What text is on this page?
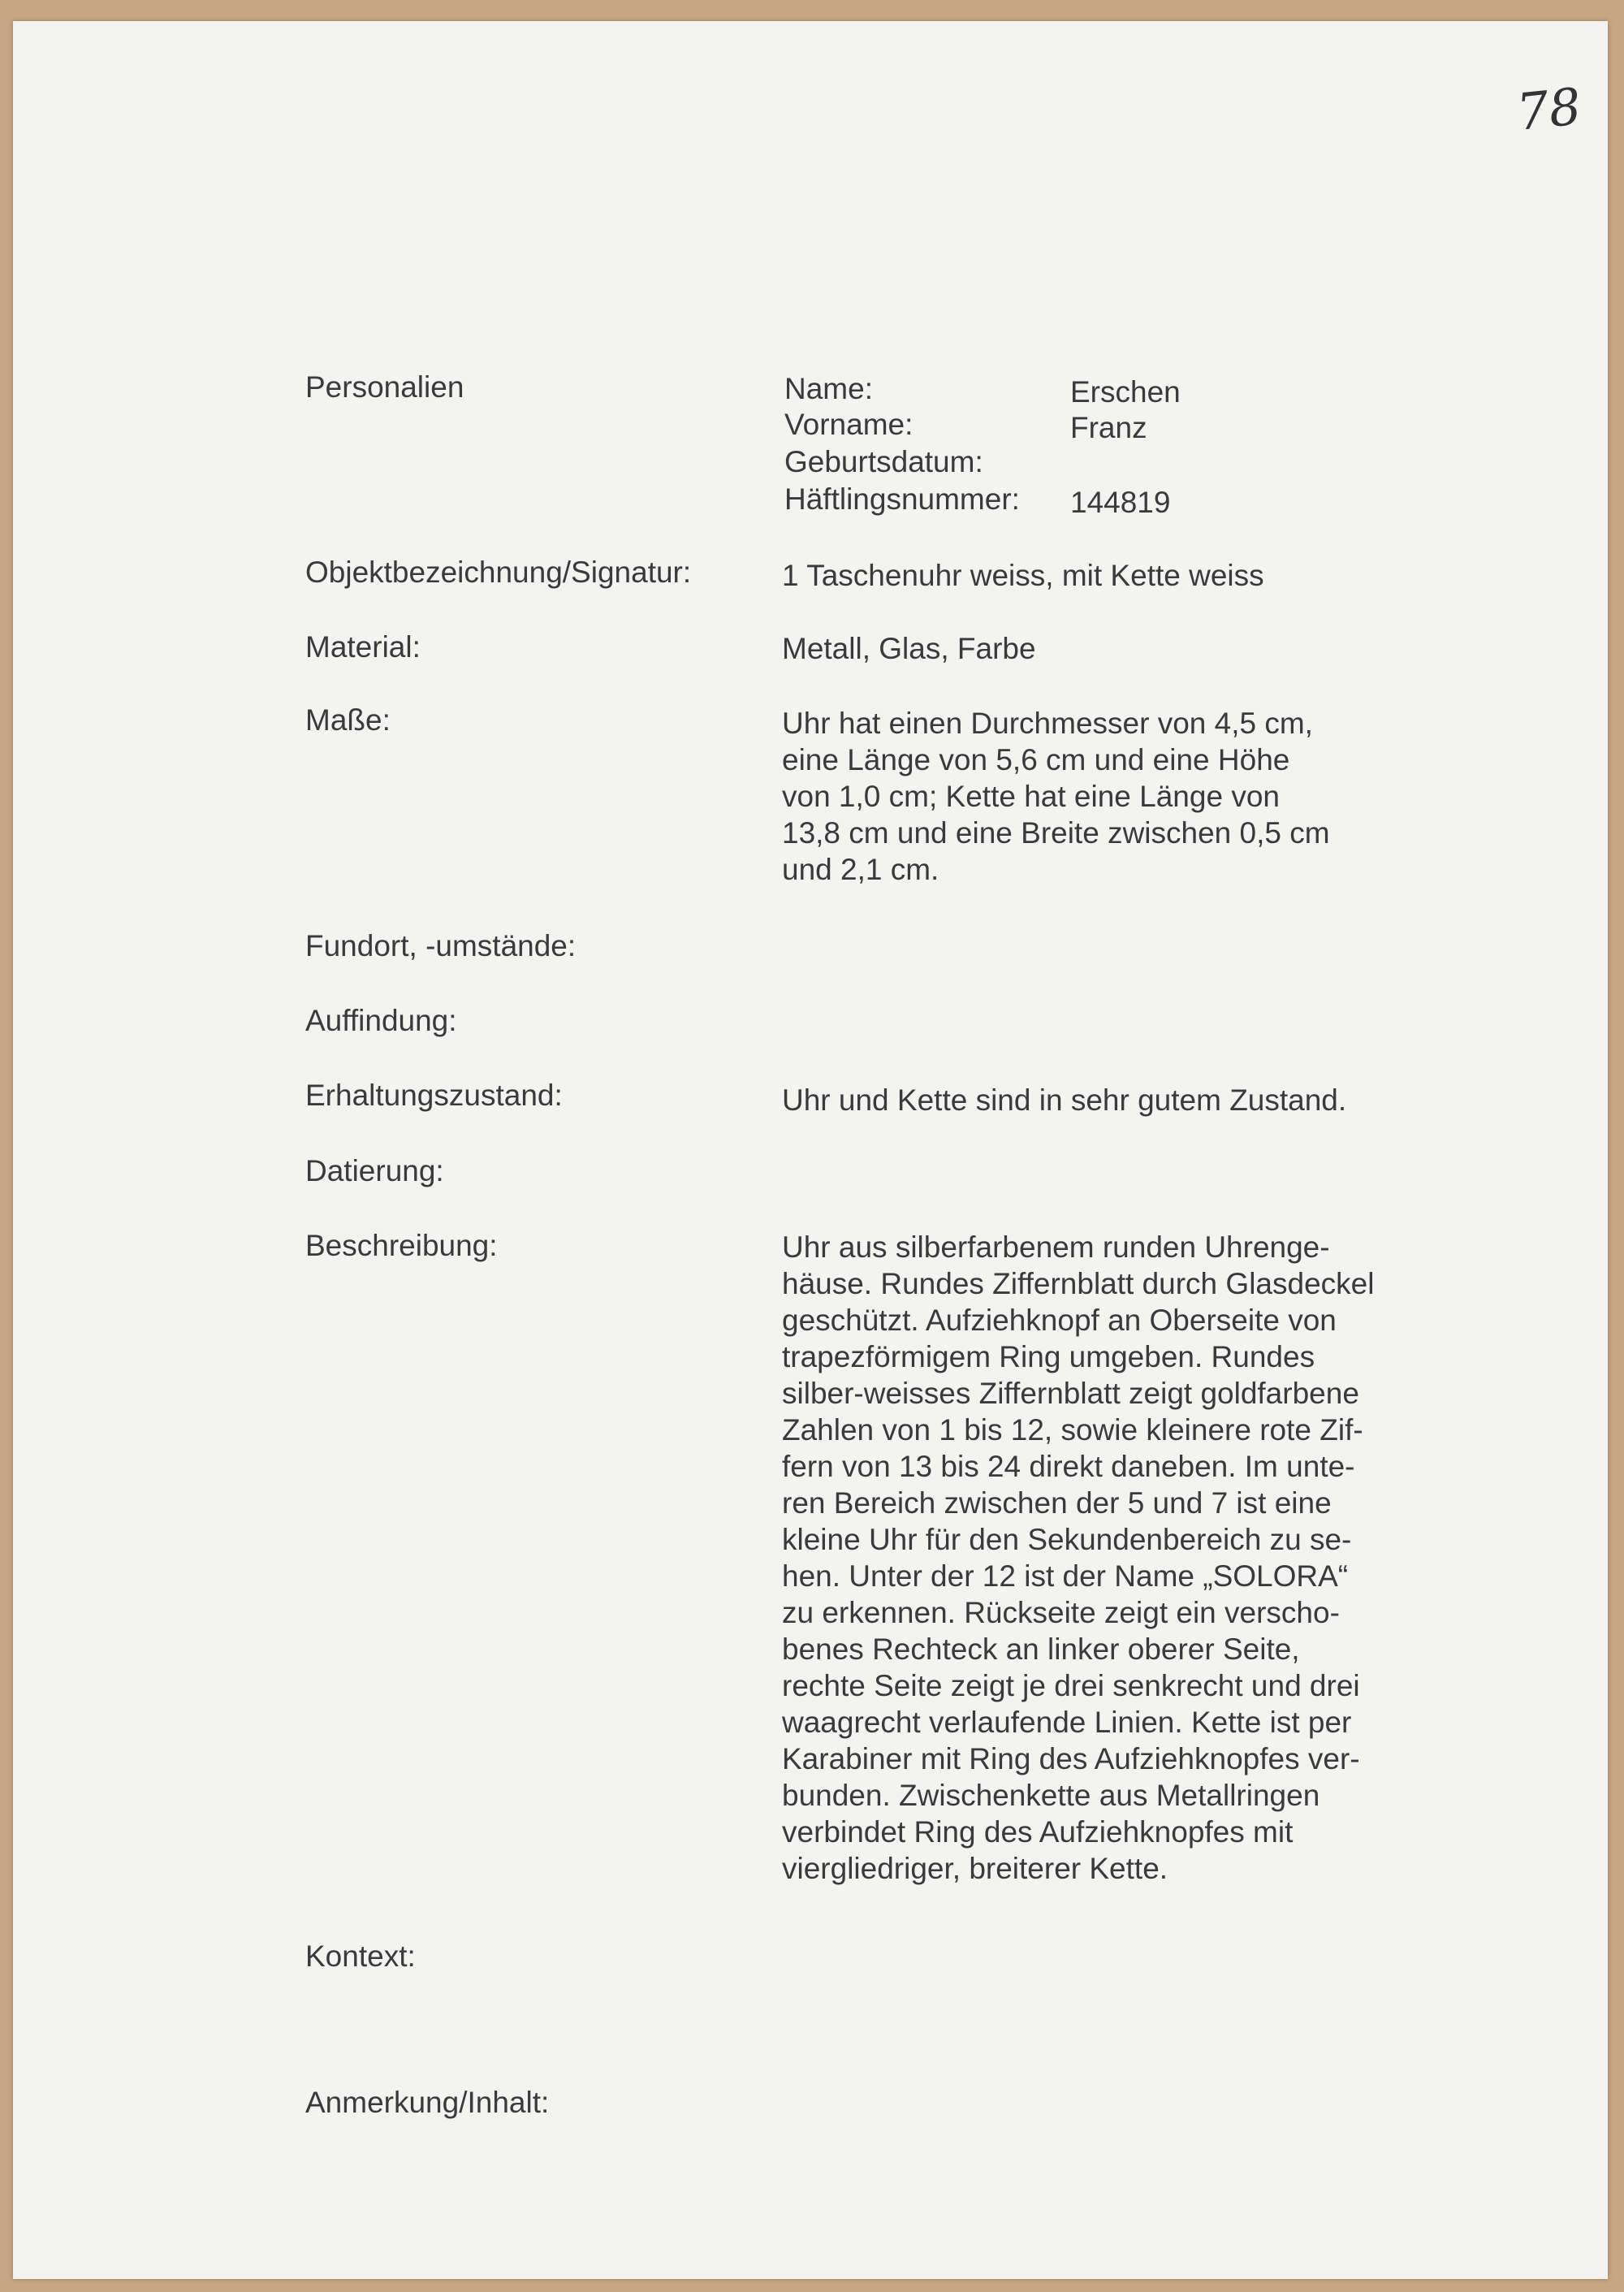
78
Personalien	Name:	Erschen
Vorname:	Franz
Geburtsdatum:
Häftlingsnummer: 144819
Objektbezeichnung/Signatur:	1 Taschenuhr weiss, mit Kette weiss
Material:	Metall, Glas, Farbe
Maße:	Uhr hat einen Durchmesser von 4,5 cm,
eine Länge von 5,6 cm und eine Höhe
von 1,0 cm; Kette hat eine Länge von
13,8 cm und eine Breite zwischen 0,5 cm
und 2,1 cm.
Fundort, -umstände:
Auffindung:
Erhaltungszustand:	Uhr und Kette sind in sehr gutem Zustand.
Datierung:
Beschreibung:	Uhr aus silberfarbenem runden Uhrenge-
häuse. Rundes Ziffernblatt durch Glasdeckel
geschützt. Aufziehknopf an Oberseite von
trapezförmigem Ring umgeben. Rundes
silber-weisses Ziffernblatt zeigt goldfarbene
Zahlen von 1 bis 12, sowie kleinere rote Zif-
fern von 13 bis 24 direkt daneben. Im unte-
ren Bereich zwischen der 5 und 7 ist eine
kleine Uhr für den Sekundenbereich zu se-
hen. Unter der 12 ist der Name „SOLORA“
zu erkennen. Rückseite zeigt ein verscho-
benes Rechteck an linker oberer Seite,
rechte Seite zeigt je drei senkrecht und drei
waagrecht verlaufende Linien. Kette ist per
Karabiner mit Ring des Aufziehknopfes ver-
bunden. Zwischenkette aus Metallringen
verbindet Ring des Aufziehknopfes mit
viergliedriger, breiterer Kette.
Kontext:
Anmerkung/Inhalt:
